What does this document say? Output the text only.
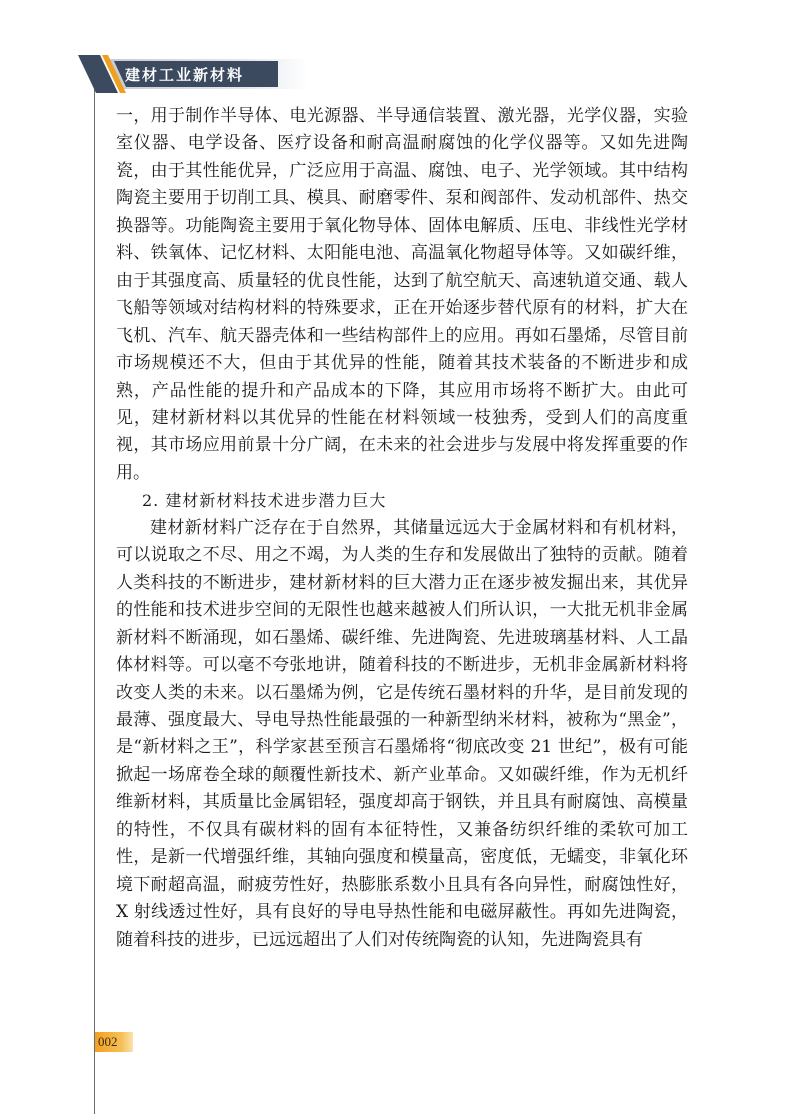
建材工业新材料

一，用于制作半导体、电光源器、半导通信装置、激光器，光学仪器，实验室仪器、电学设备、医疗设备和耐高温耐腐蚀的化学仪器等。又如先进陶瓷，由于其性能优异，广泛应用于高温、腐蚀、电子、光学领域。其中结构陶瓷主要用于切削工具、模具、耐磨零件、泵和阀部件、发动机部件、热交换器等。功能陶瓷主要用于氧化物导体、固体电解质、压电、非线性光学材料、铁氧体、记忆材料、太阳能电池、高温氧化物超导体等。又如碳纤维，由于其强度高、质量轻的优良性能，达到了航空航天、高速轨道交通、载人飞船等领域对结构材料的特殊要求，正在开始逐步替代原有的材料，扩大在飞机、汽车、航天器壳体和一些结构部件上的应用。再如石墨烯，尽管目前市场规模还不大，但由于其优异的性能，随着其技术装备的不断进步和成熟，产品性能的提升和产品成本的下降，其应用市场将不断扩大。由此可见，建材新材料以其优异的性能在材料领域一枝独秀，受到人们的高度重视，其市场应用前景十分广阔，在未来的社会进步与发展中将发挥重要的作用。

2. 建材新材料技术进步潜力巨大

建材新材料广泛存在于自然界，其储量远远大于金属材料和有机材料，可以说取之不尽、用之不竭，为人类的生存和发展做出了独特的贡献。随着人类科技的不断进步，建材新材料的巨大潜力正在逐步被发掘出来，其优异的性能和技术进步空间的无限性也越来越被人们所认识，一大批无机非金属新材料不断涌现，如石墨烯、碳纤维、先进陶瓷、先进玻璃基材料、人工晶体材料等。可以毫不夸张地讲，随着科技的不断进步，无机非金属新材料将改变人类的未来。以石墨烯为例，它是传统石墨材料的升华，是目前发现的最薄、强度最大、导电导热性能最强的一种新型纳米材料，被称为“黑金”，是“新材料之王”，科学家甚至预言石墨烯将“彻底改变 21 世纪”，极有可能掀起一场席卷全球的颠覆性新技术、新产业革命。又如碳纤维，作为无机纤维新材料，其质量比金属铝轻，强度却高于钢铁，并且具有耐腐蚀、高模量的特性，不仅具有碳材料的固有本征特性，又兼备纺织纤维的柔软可加工性，是新一代增强纤维，其轴向强度和模量高，密度低，无蠕变，非氧化环境下耐超高温，耐疲劳性好，热膨胀系数小且具有各向异性，耐腐蚀性好，X 射线透过性好，具有良好的导电导热性能和电磁屏蔽性。再如先进陶瓷，随着科技的进步，已远远超出了人们对传统陶瓷的认知，先进陶瓷具有

002
